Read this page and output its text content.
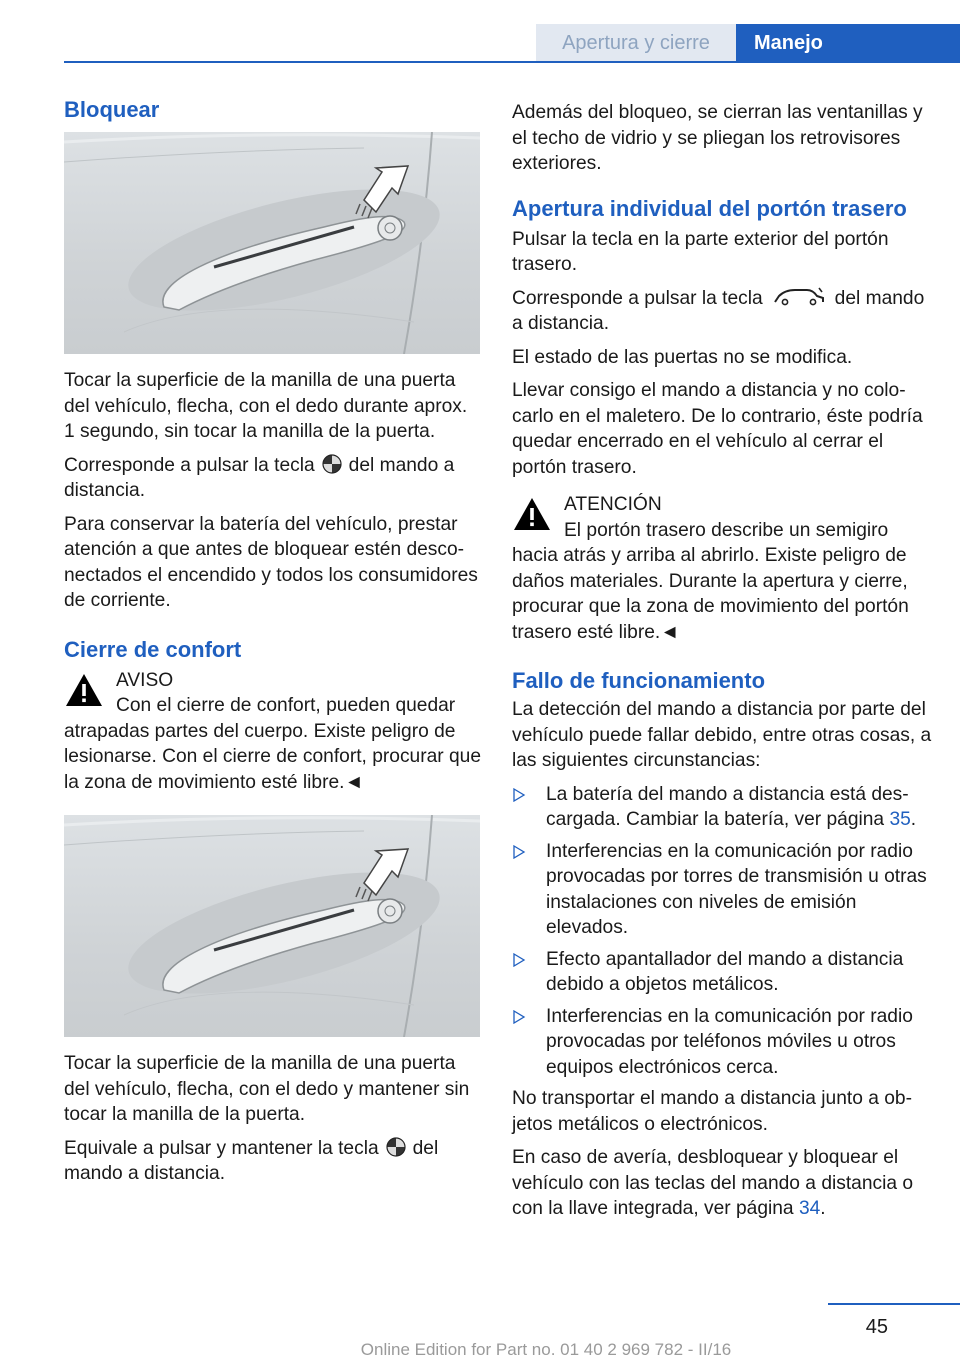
Apertura y cierre	Manejo
Bloquear

Tocar la superficie de la manilla de una puerta del vehículo, flecha, con el dedo durante aprox. 1 segundo, sin tocar la manilla de la puerta.

Corresponde a pulsar la tecla del mando a distancia.

Para conservar la batería del vehículo, prestar atención a que antes de bloquear estén desconectados el encendido y todos los consumidores de corriente.

Cierre de confort
AVISO
Con el cierre de confort, pueden quedar
atrapadas partes del cuerpo. Existe peligro de lesionarse. Con el cierre de confort, procurar que la zona de movimiento esté libre.◄

Tocar la superficie de la manilla de una puerta del vehículo, flecha, con el dedo y mantener sin tocar la manilla de la puerta.

Equivale a pulsar y mantener la tecla del mando a distancia.

Además del bloqueo, se cierran las ventanillas y el techo de vidrio y se pliegan los retrovisores exteriores.

Apertura individual del portón trasero

Pulsar la tecla en la parte exterior del portón trasero.

Corresponde a pulsar la tecla	del mando a distancia.

El estado de las puertas no se modifica.

Llevar consigo el mando a distancia y no colocarlo en el maletero. De lo contrario, éste podría quedar encerrado en el vehículo al cerrar el portón trasero.

ATENCIÓN
El portón trasero describe un semigiro
hacia atrás y arriba al abrirlo. Existe peligro de daños materiales. Durante la apertura y cierre, procurar que la zona de movimiento del portón trasero esté libre.◄
Fallo de funcionamiento

La detección del mando a distancia por parte del vehículo puede fallar debido, entre otras cosas, a las siguientes circunstancias:

La batería del mando a distancia está descargada. Cambiar la batería, ver página 35.
Interferencias en la comunicación por radio provocadas por torres de transmisión u otras instalaciones con niveles de emisión elevados.
Efecto apantallador del mando a distancia debido a objetos metálicos.
Interferencias en la comunicación por radio provocadas por teléfonos móviles u otros equipos electrónicos cerca.

No transportar el mando a distancia junto a objetos metálicos o electrónicos.

En caso de avería, desbloquear y bloquear el vehículo con las teclas del mando a distancia o con la llave integrada, ver página 34.

45
Online Edition for Part no. 01 40 2 969 782 - II/16
